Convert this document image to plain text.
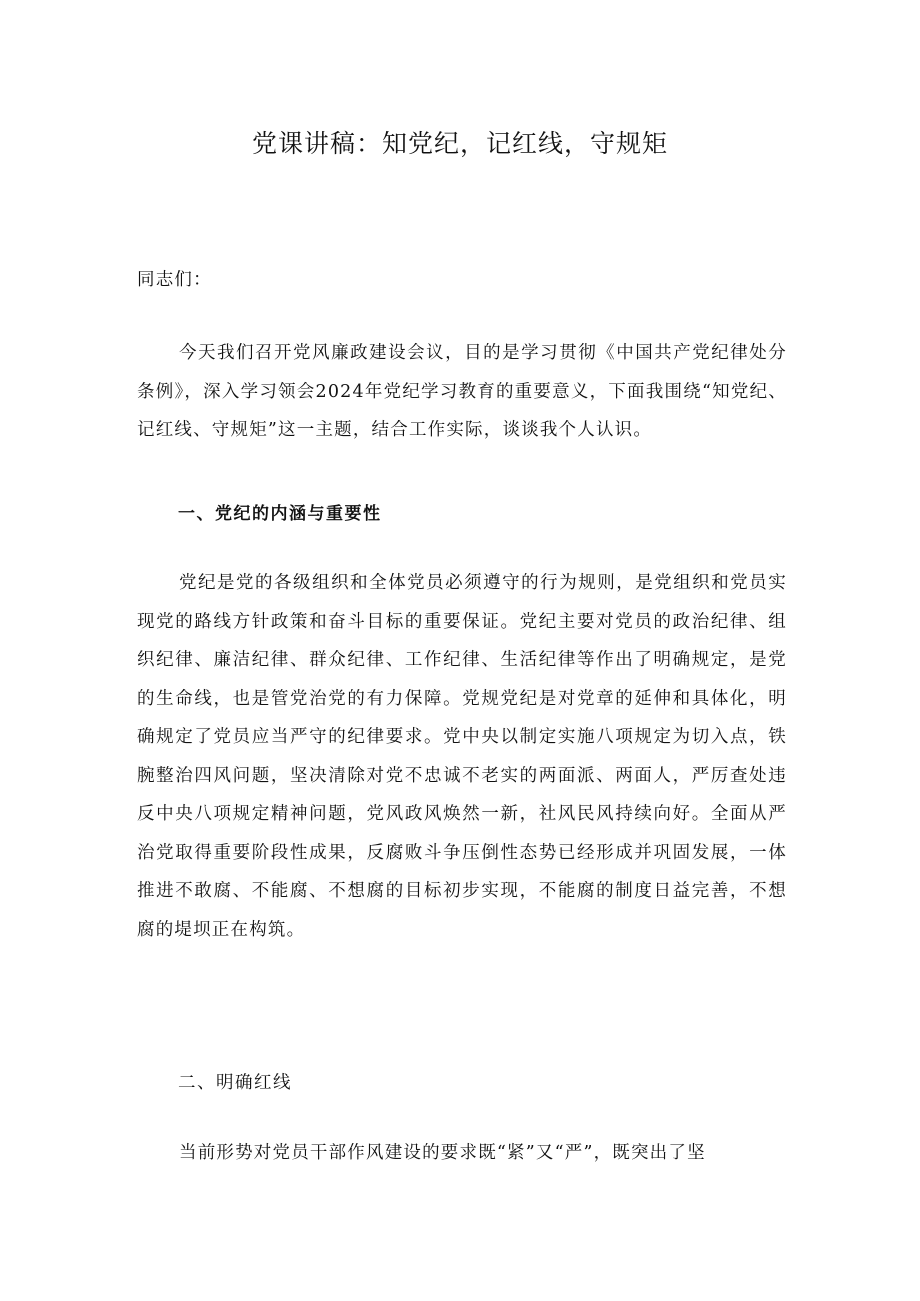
党课讲稿：知党纪，记红线，守规矩

同志们：

今天我们召开党风廉政建设会议，目的是学习贯彻《中国共产党纪律处分条例》，深入学习领会2024年党纪学习教育的重要意义，下面我围绕“知党纪、记红线、守规矩”这一主题，结合工作实际，谈谈我个人认识。

一、党纪的内涵与重要性

党纪是党的各级组织和全体党员必须遵守的行为规则，是党组织和党员实现党的路线方针政策和奋斗目标的重要保证。党纪主要对党员的政治纪律、组织纪律、廉洁纪律、群众纪律、工作纪律、生活纪律等作出了明确规定，是党的生命线，也是管党治党的有力保障。党规党纪是对党章的延伸和具体化，明确规定了党员应当严守的纪律要求。党中央以制定实施八项规定为切入点，铁腕整治四风问题，坚决清除对党不忠诚不老实的两面派、两面人，严厉查处违反中央八项规定精神问题，党风政风焕然一新，社风民风持续向好。全面从严治党取得重要阶段性成果，反腐败斗争压倒性态势已经形成并巩固发展，一体推进不敢腐、不能腐、不想腐的目标初步实现，不能腐的制度日益完善，不想腐的堤坝正在构筑。

二、明确红线

当前形势对党员干部作风建设的要求既“紧”又“严”，既突出了坚
